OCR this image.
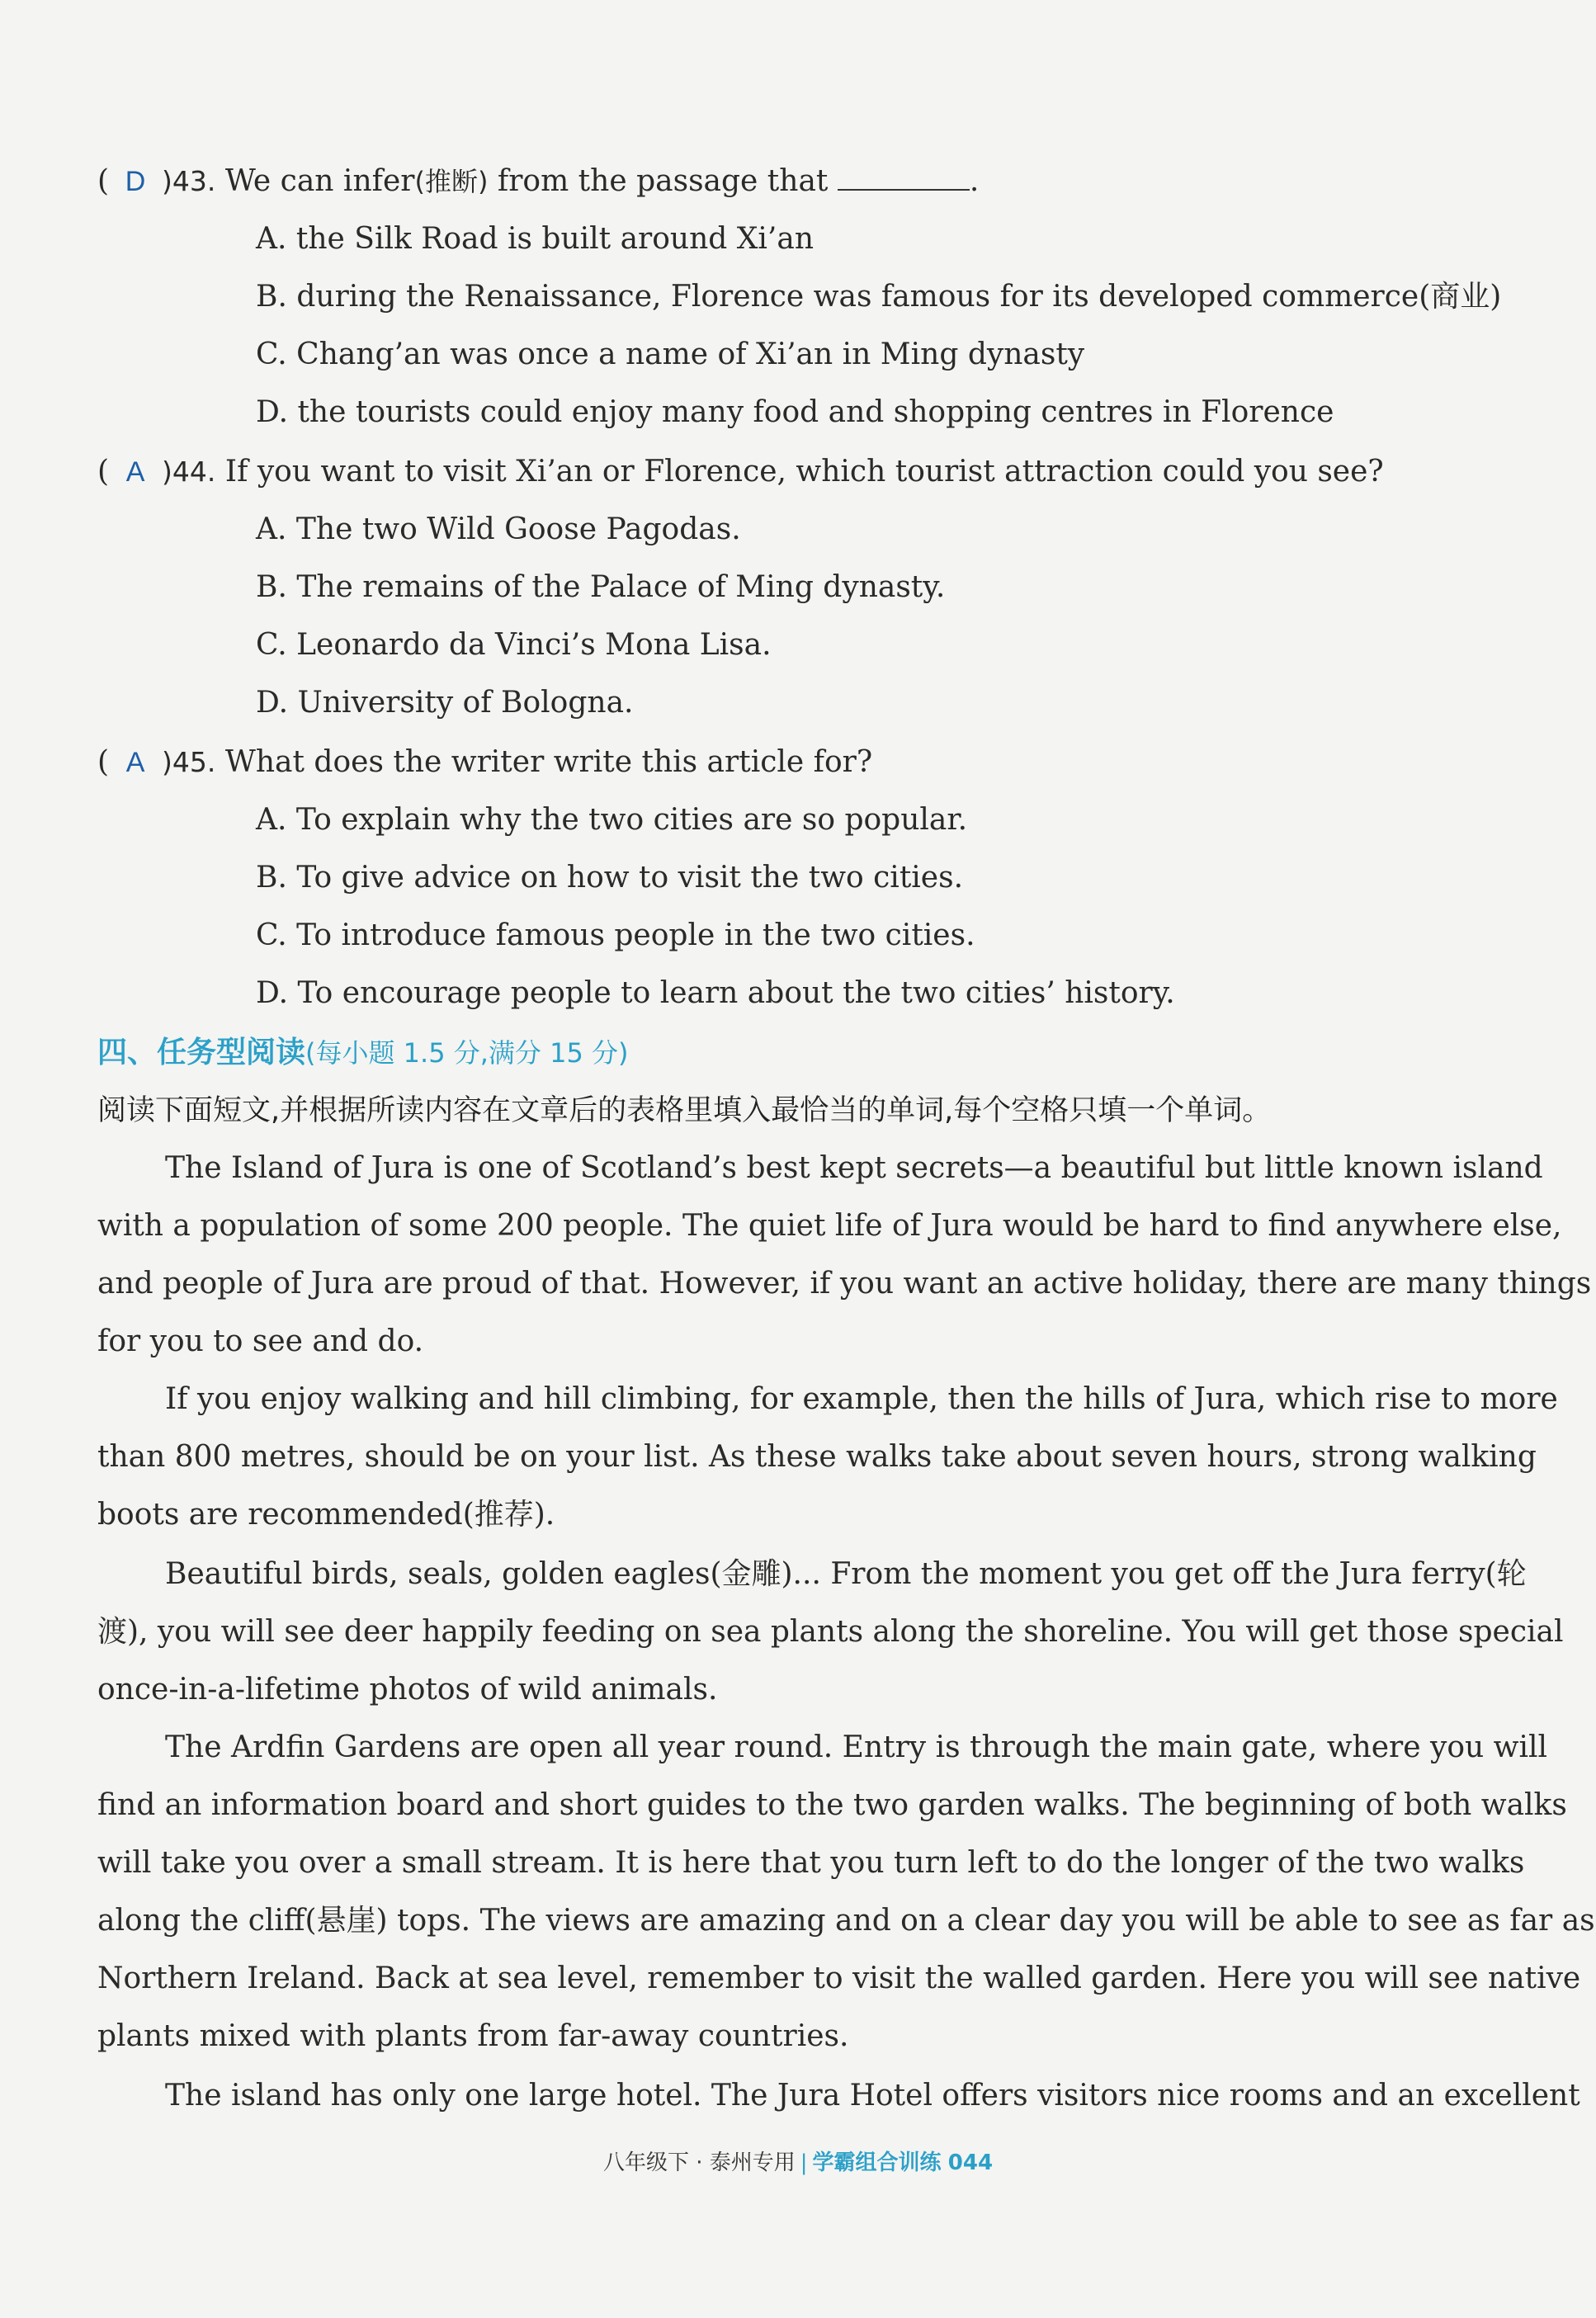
( D )43. We can infer(推断) from the passage that	.
A. the Silk Road is built around Xi’an
B. during the Renaissance, Florence was famous for its developed commerce(商业)
C. Chang’an was once a name of Xi’an in Ming dynasty
D. the tourists could enjoy many food and shopping centres in Florence
( A )44. If you want to visit Xi’an or Florence, which tourist attraction could you see?
A. The two Wild Goose Pagodas.
B. The remains of the Palace of Ming dynasty.
C. Leonardo da Vinci’s Mona Lisa.
D. University of Bologna.
( A )45. What does the writer write this article for?
A. To explain why the two cities are so popular.
B. To give advice on how to visit the two cities.
C. To introduce famous people in the two cities.
D. To encourage people to learn about the two cities’ history.
四、任务型阅读(每小题 1.5 分,满分 15 分)
阅读下面短文,并根据所读内容在文章后的表格里填入最恰当的单词,每个空格只填一个单词。
The Island of Jura is one of Scotland’s best kept secrets—a beautiful but little known island
with a population of some 200 people. The quiet life of Jura would be hard to find anywhere else,
and people of Jura are proud of that. However, if you want an active holiday, there are many things
for you to see and do.
If you enjoy walking and hill climbing, for example, then the hills of Jura, which rise to more
than 800 metres, should be on your list. As these walks take about seven hours, strong walking
boots are recommended(推荐).
Beautiful birds, seals, golden eagles(金雕)... From the moment you get off the Jura ferry(轮
渡), you will see deer happily feeding on sea plants along the shoreline. You will get those special
once-in-a-lifetime photos of wild animals.
The Ardfin Gardens are open all year round. Entry is through the main gate, where you will
find an information board and short guides to the two garden walks. The beginning of both walks
will take you over a small stream. It is here that you turn left to do the longer of the two walks
along the cliff(悬崖) tops. The views are amazing and on a clear day you will be able to see as far as
Northern Ireland. Back at sea level, remember to visit the walled garden. Here you will see native
plants mixed with plants from far-away countries.
The island has only one large hotel. The Jura Hotel offers visitors nice rooms and an excellent
八年级下 · 泰州专用 | 学霸组合训练 044
